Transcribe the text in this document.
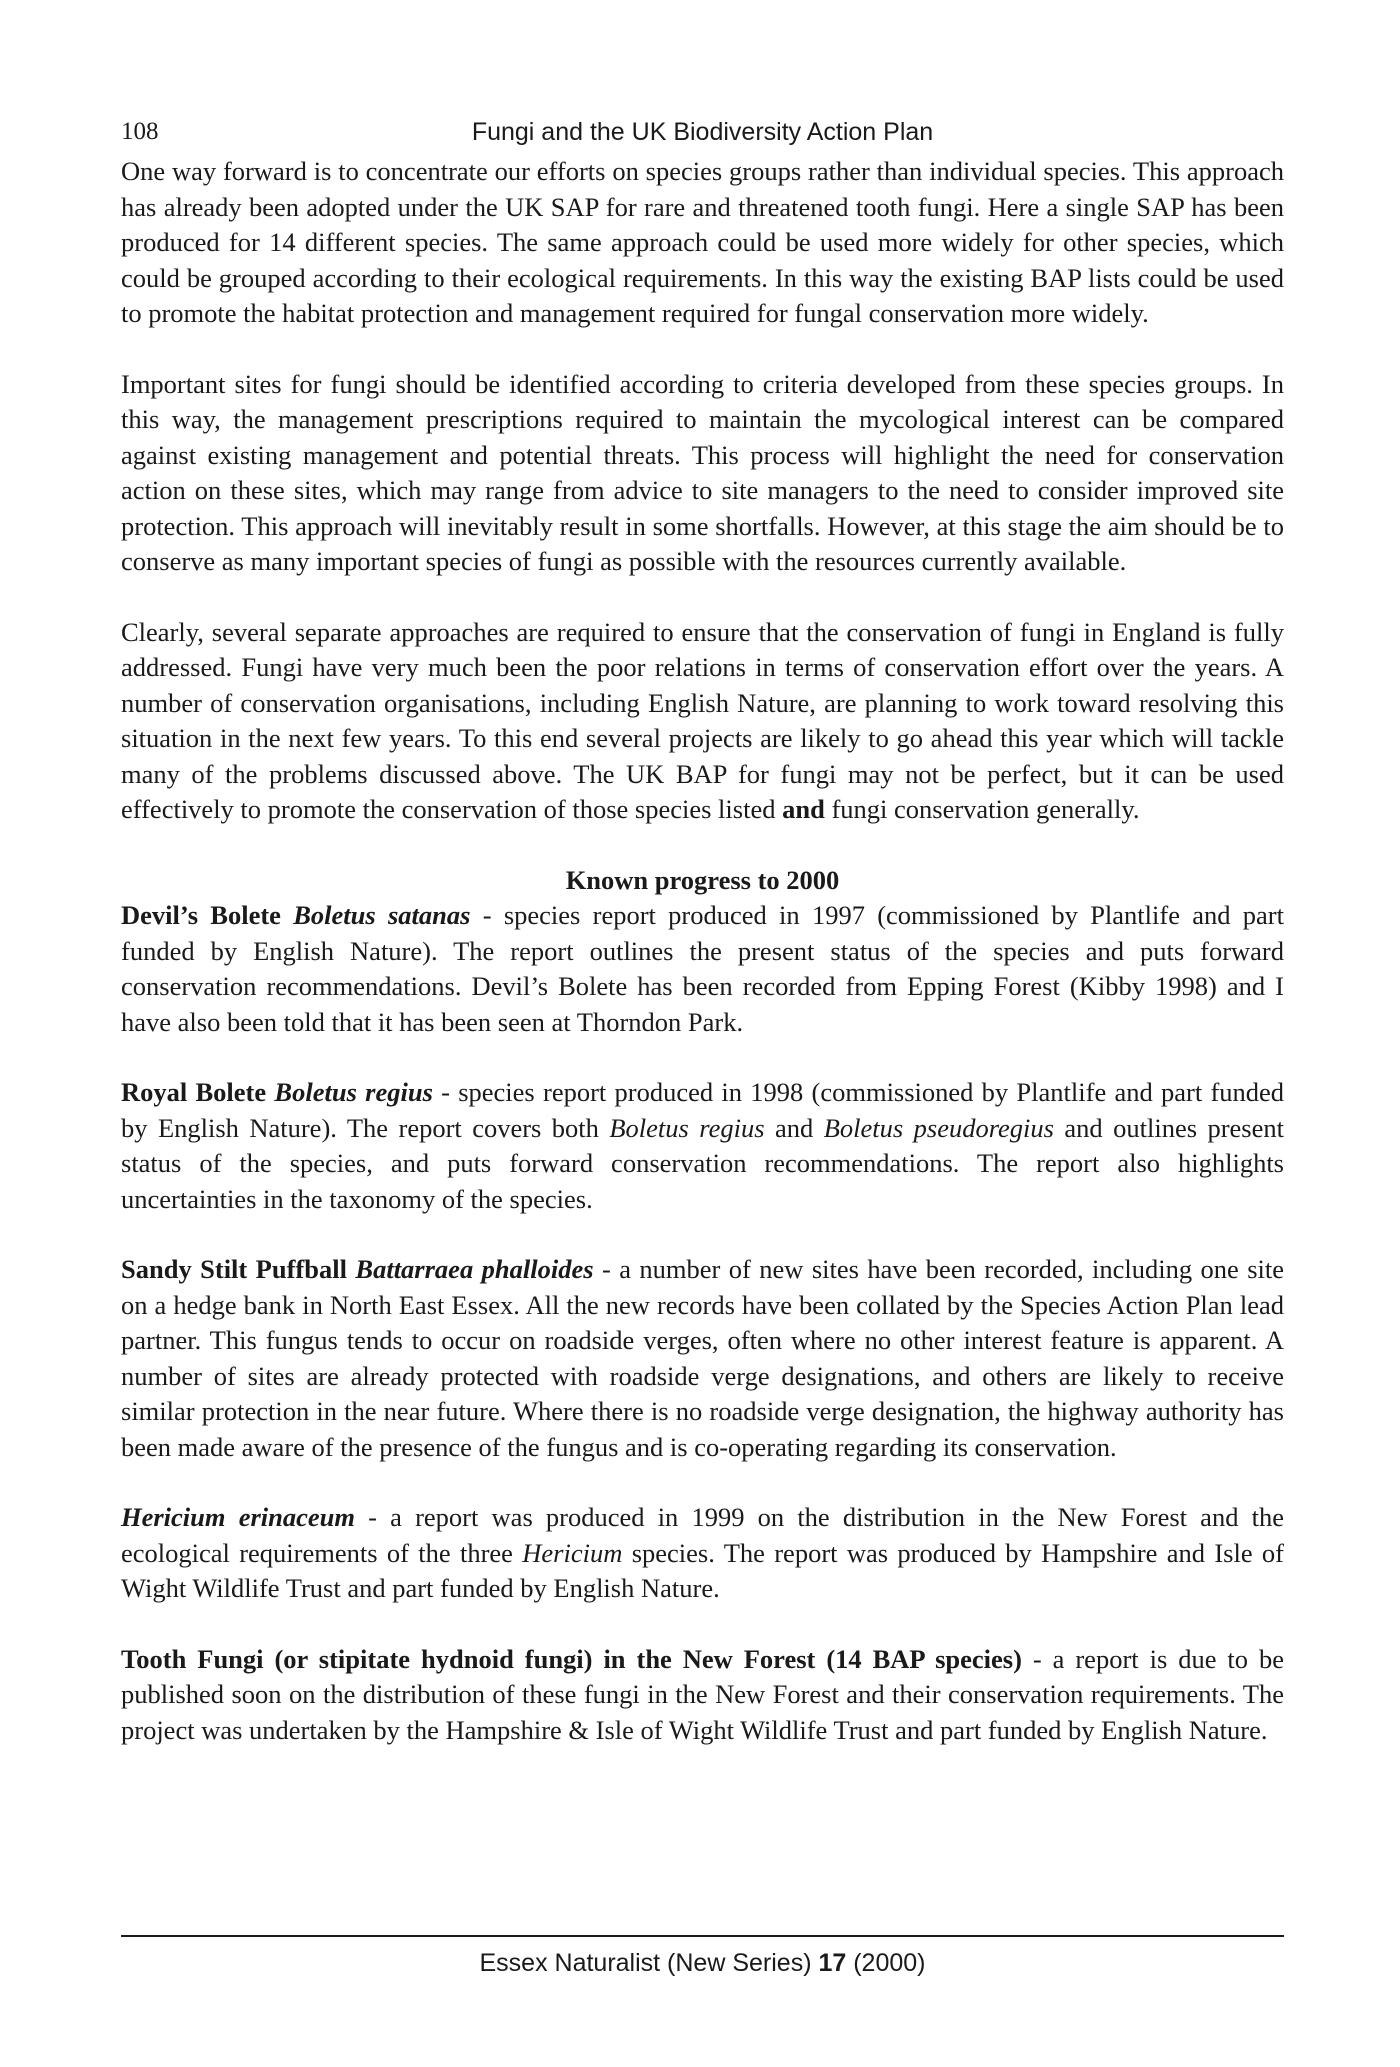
108	Fungi and the UK Biodiversity Action Plan

One way forward is to concentrate our efforts on species groups rather than individual species. This approach has already been adopted under the UK SAP for rare and threatened tooth fungi. Here a single SAP has been produced for 14 different species. The same approach could be used more widely for other species, which could be grouped according to their ecological requirements. In this way the existing BAP lists could be used to promote the habitat protection and management required for fungal conservation more widely.

Important sites for fungi should be identified according to criteria developed from these species groups. In this way, the management prescriptions required to maintain the mycological interest can be compared against existing management and potential threats. This process will highlight the need for conservation action on these sites, which may range from advice to site managers to the need to consider improved site protection. This approach will inevitably result in some shortfalls. However, at this stage the aim should be to conserve as many important species of fungi as possible with the resources currently available.

Clearly, several separate approaches are required to ensure that the conservation of fungi in England is fully addressed. Fungi have very much been the poor relations in terms of conservation effort over the years. A number of conservation organisations, including English Nature, are planning to work toward resolving this situation in the next few years. To this end several projects are likely to go ahead this year which will tackle many of the problems discussed above. The UK BAP for fungi may not be perfect, but it can be used effectively to promote the conservation of those species listed and fungi conservation generally.

Known progress to 2000

Devil’s Bolete Boletus satanas - species report produced in 1997 (commissioned by Plantlife and part funded by English Nature). The report outlines the present status of the species and puts forward conservation recommendations. Devil’s Bolete has been recorded from Epping Forest (Kibby 1998) and I have also been told that it has been seen at Thorndon Park.

Royal Bolete Boletus regius - species report produced in 1998 (commissioned by Plantlife and part funded by English Nature). The report covers both Boletus regius and Boletus pseudoregius and outlines present status of the species, and puts forward conservation recommendations. The report also highlights uncertainties in the taxonomy of the species.

Sandy Stilt Puffball Battarraea phalloides - a number of new sites have been recorded, including one site on a hedge bank in North East Essex. All the new records have been collated by the Species Action Plan lead partner. This fungus tends to occur on roadside verges, often where no other interest feature is apparent. A number of sites are already protected with roadside verge designations, and others are likely to receive similar protection in the near future. Where there is no roadside verge designation, the highway authority has been made aware of the presence of the fungus and is co-operating regarding its conservation.

Hericium erinaceum - a report was produced in 1999 on the distribution in the New Forest and the ecological requirements of the three Hericium species. The report was produced by Hampshire and Isle of Wight Wildlife Trust and part funded by English Nature.

Tooth Fungi (or stipitate hydnoid fungi) in the New Forest (14 BAP species) - a report is due to be published soon on the distribution of these fungi in the New Forest and their conservation requirements. The project was undertaken by the Hampshire & Isle of Wight Wildlife Trust and part funded by English Nature.

Essex Naturalist (New Series) 17 (2000)
